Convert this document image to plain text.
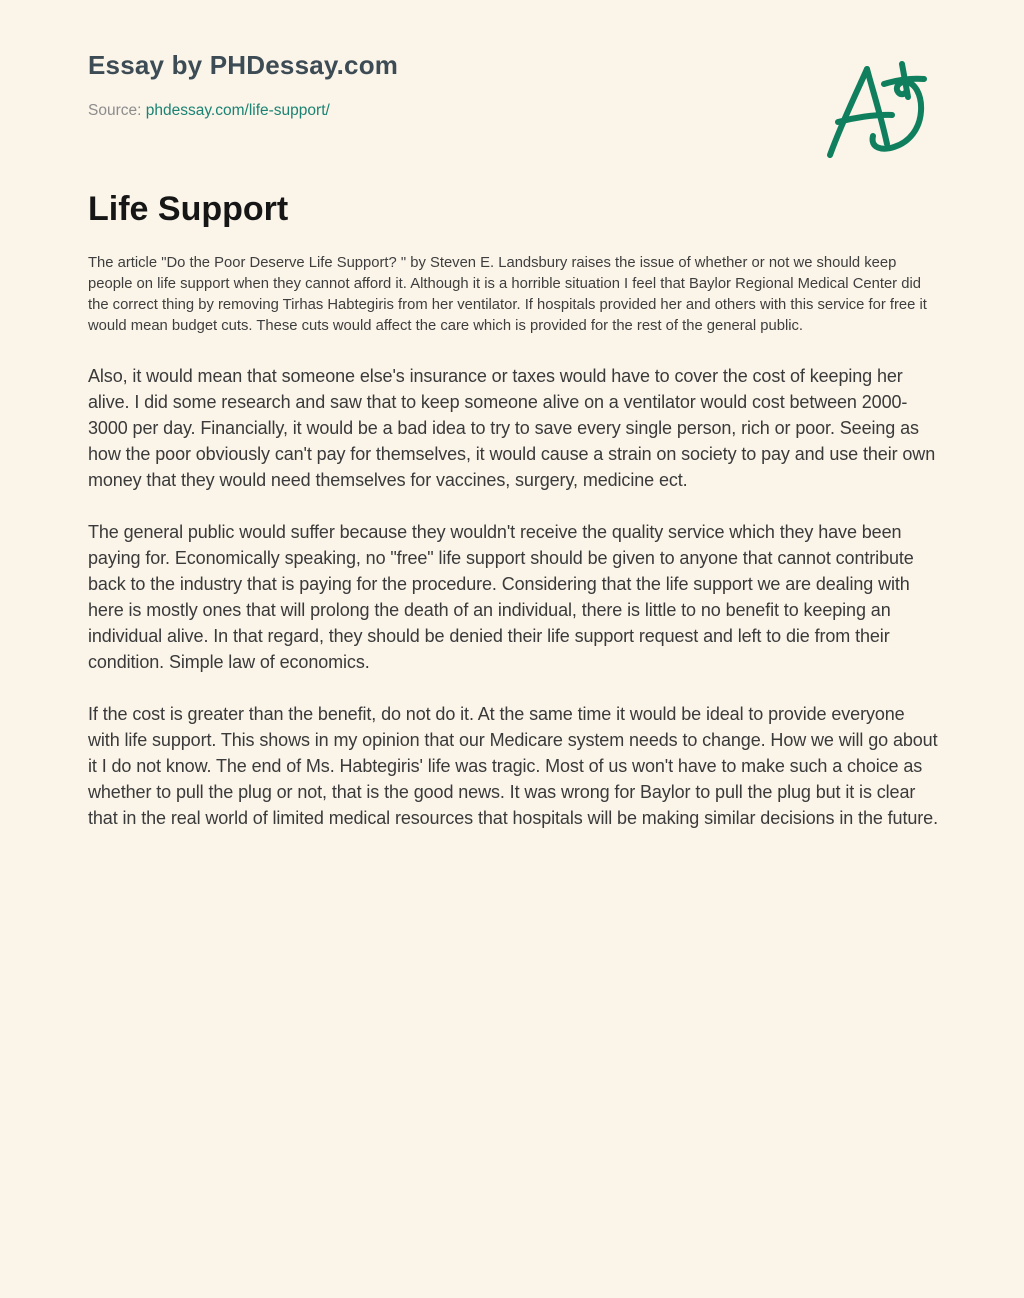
Essay by PHDessay.com
Source: phdessay.com/life-support/
Life Support

The article "Do the Poor Deserve Life Support? " by Steven E. Landsbury raises the issue of whether or not we should keep people on life support when they cannot afford it. Although it is a horrible situation I feel that Baylor Regional Medical Center did the correct thing by removing Tirhas Habtegiris from her ventilator. If hospitals provided her and others with this service for free it would mean budget cuts. These cuts would affect the care which is provided for the rest of the general public.

Also, it would mean that someone else's insurance or taxes would have to cover the cost of keeping her alive. I did some research and saw that to keep someone alive on a ventilator would cost between 2000-3000 per day. Financially, it would be a bad idea to try to save every single person, rich or poor. Seeing as how the poor obviously can't pay for themselves, it would cause a strain on society to pay and use their own money that they would need themselves for vaccines, surgery, medicine ect.

The general public would suffer because they wouldn't receive the quality service which they have been paying for. Economically speaking, no "free" life support should be given to anyone that cannot contribute back to the industry that is paying for the procedure. Considering that the life support we are dealing with here is mostly ones that will prolong the death of an individual, there is little to no benefit to keeping an individual alive. In that regard, they should be denied their life support request and left to die from their condition. Simple law of economics.

If the cost is greater than the benefit, do not do it. At the same time it would be ideal to provide everyone with life support. This shows in my opinion that our Medicare system needs to change. How we will go about it I do not know. The end of Ms. Habtegiris' life was tragic. Most of us won't have to make such a choice as whether to pull the plug or not, that is the good news. It was wrong for Baylor to pull the plug but it is clear that in the real world of limited medical resources that hospitals will be making similar decisions in the future.
